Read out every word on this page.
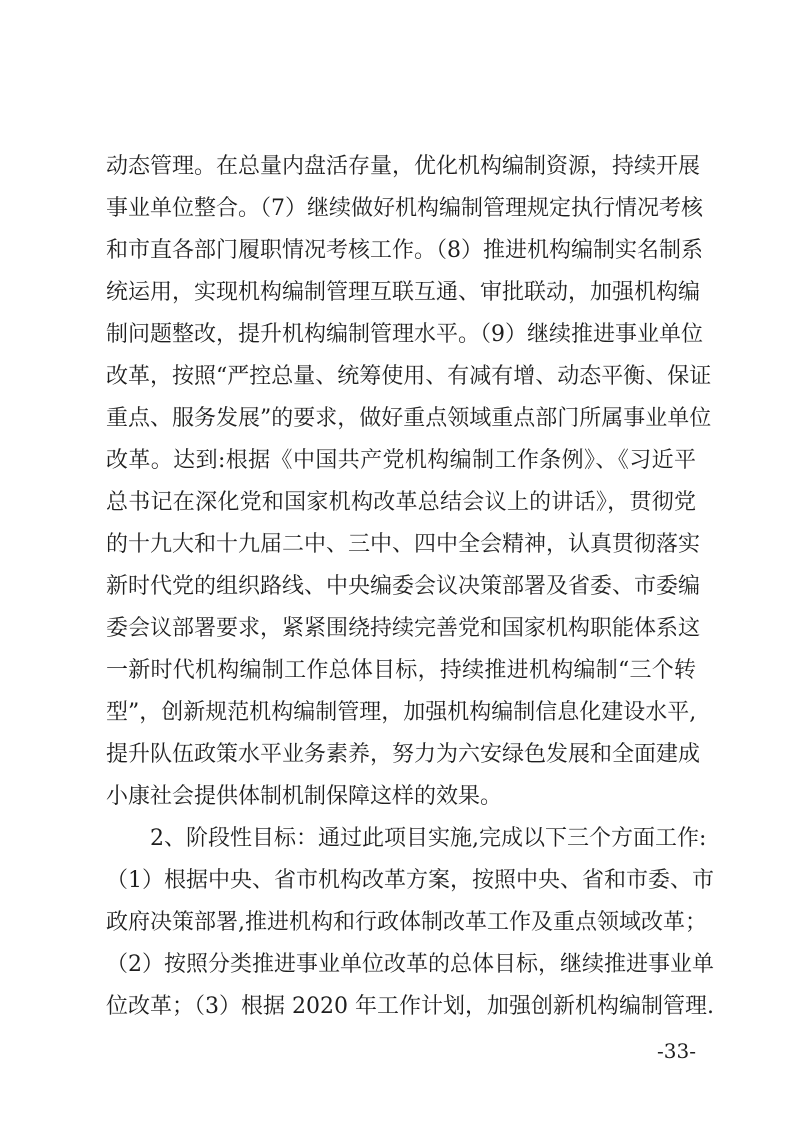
动态管理。在总量内盘活存量，优化机构编制资源，持续开展
事业单位整合。（7）继续做好机构编制管理规定执行情况考核
和市直各部门履职情况考核工作。（8）推进机构编制实名制系
统运用，实现机构编制管理互联互通、审批联动，加强机构编
制问题整改，提升机构编制管理水平。（9）继续推进事业单位
改革，按照“严控总量、统筹使用、有减有增、动态平衡、保证
重点、服务发展”的要求，做好重点领域重点部门所属事业单位
改革。达到:根据《中国共产党机构编制工作条例》、《习近平
总书记在深化党和国家机构改革总结会议上的讲话》，贯彻党
的十九大和十九届二中、三中、四中全会精神，认真贯彻落实
新时代党的组织路线、中央编委会议决策部署及省委、市委编
委会议部署要求，紧紧围绕持续完善党和国家机构职能体系这
一新时代机构编制工作总体目标，持续推进机构编制“三个转
型”，创新规范机构编制管理，加强机构编制信息化建设水平,
提升队伍政策水平业务素养，努力为六安绿色发展和全面建成
小康社会提供体制机制保障这样的效果。
2、阶段性目标：通过此项目实施,完成以下三个方面工作:
（1）根据中央、省市机构改革方案，按照中央、省和市委、市
政府决策部署,推进机构和行政体制改革工作及重点领域改革；
（2）按照分类推进事业单位改革的总体目标，继续推进事业单
位改革；（3）根据 2020 年工作计划，加强创新机构编制管理.
-33-
